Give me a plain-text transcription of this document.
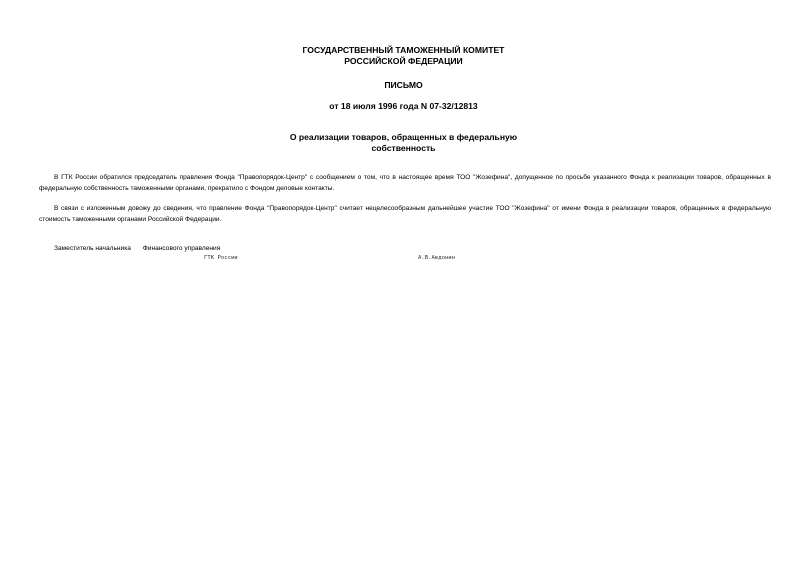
ГОСУДАРСТВЕННЫЙ ТАМОЖЕННЫЙ КОМИТЕТ

РОССИЙСКОЙ ФЕДЕРАЦИИ

ПИСЬМО

от 18 июля 1996 года N 07-32/12813

О реализации товаров, обращенных в федеральную
собственность

В ГТК России обратился председатель правления Фонда "Правопорядок-Центр" с сообщением о том, что в настоящее время ТОО "Жозефина", допущенное по просьбе указанного Фонда к реализации товаров, обращенных в федеральную собственность таможенными органами, прекратило с Фондом деловые контакты.

В связи с изложенным довожу до сведения, что правление Фонда "Правопорядок-Центр" считает нецелесообразным дальнейшее участие ТОО "Жозефина" от имени Фонда в реализации товаров, обращенных в федеральную стоимость таможенными органами Российской Федерации.

Заместитель начальника Финансового управления
ГТК России	А.В.Авдонин
